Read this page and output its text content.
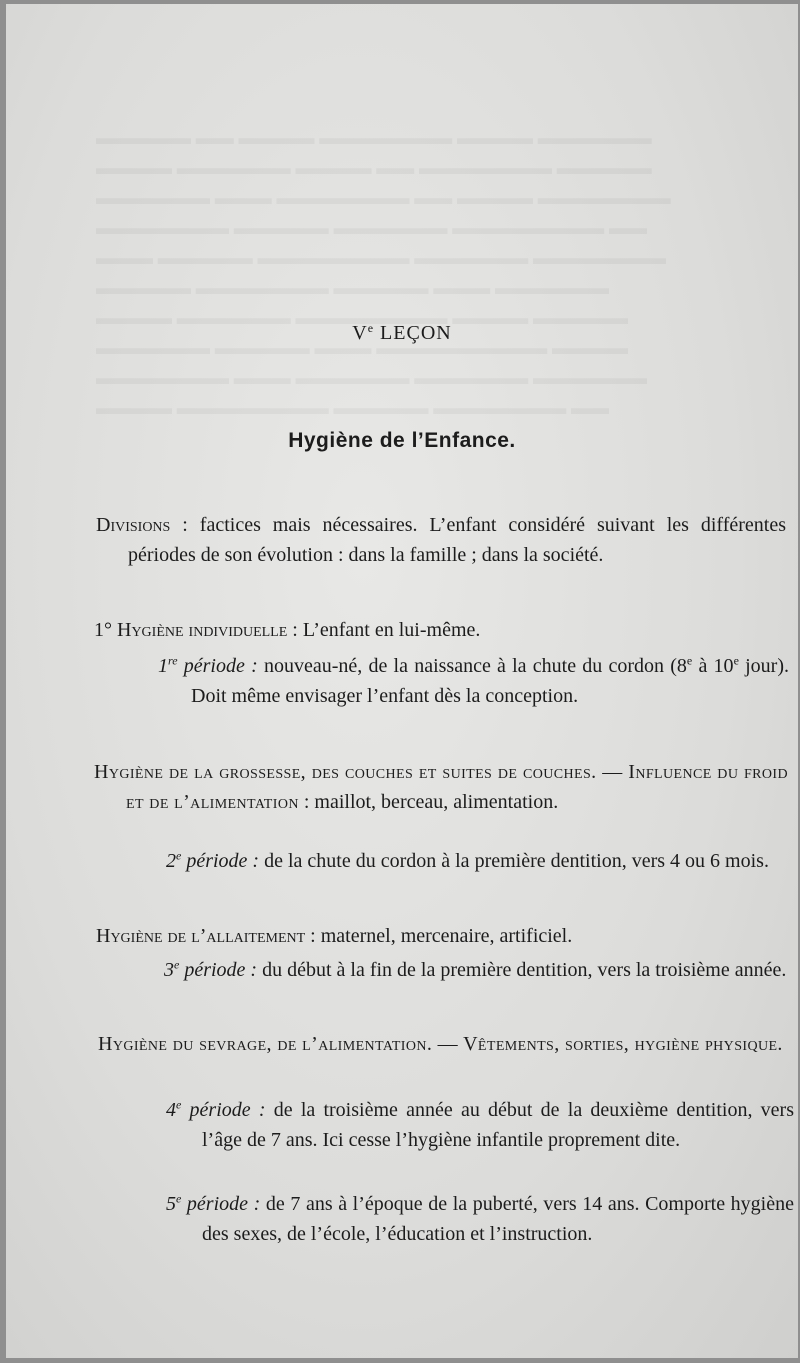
Ve LEÇON
Hygiène de l’Enfance.
Divisions : factices mais nécessaires. L’enfant considéré suivant les différentes périodes de son évolution : dans la famille ; dans la société.
1° Hygiène individuelle : L’enfant en lui-même.
1re période : nouveau-né, de la naissance à la chute du cordon (8e à 10e jour). Doit même envisager l’enfant dès la conception.
Hygiène de la grossesse, des couches et suites de couches. — Influence du froid et de l’alimentation : maillot, berceau, alimentation.
2e période : de la chute du cordon à la première dentition, vers 4 ou 6 mois.
Hygiène de l’allaitement : maternel, mercenaire, artificiel.
3e période : du début à la fin de la première dentition, vers la troisième année.
Hygiène du sevrage, de l’alimentation. — Vêtements, sorties, hygiène physique.
4e période : de la troisième année au début de la deuxième dentition, vers l’âge de 7 ans. Ici cesse l’hygiène infantile proprement dite.
5e période : de 7 ans à l’époque de la puberté, vers 14 ans. Comporte hygiène des sexes, de l’école, l’éducation et l’instruction.
